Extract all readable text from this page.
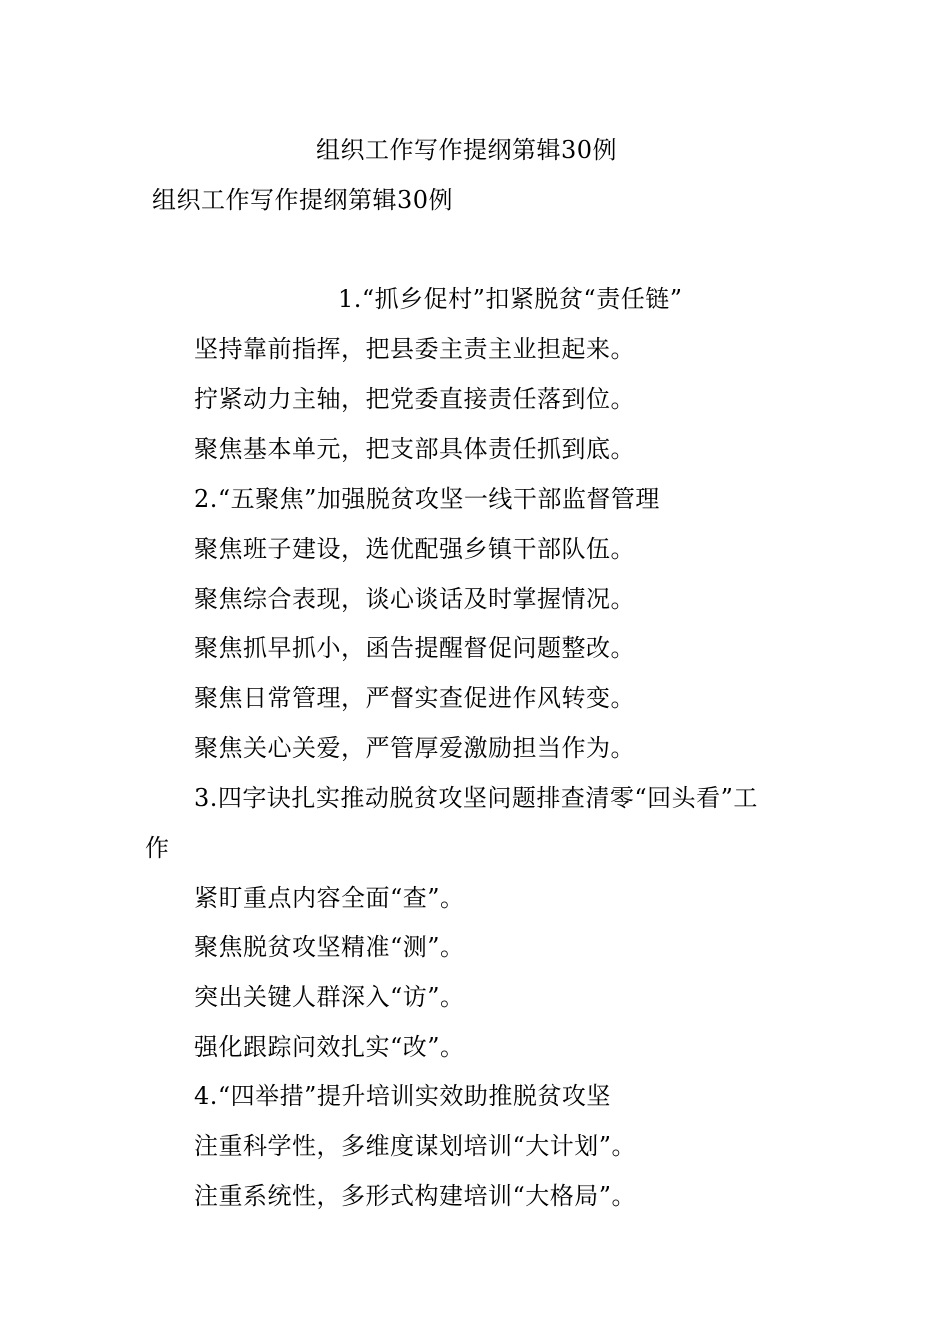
组织工作写作提纲第辑30例
组织工作写作提纲第辑30例
1.“抓乡促村”扣紧脱贫“责任链”
坚持靠前指挥，把县委主责主业担起来。
拧紧动力主轴，把党委直接责任落到位。
聚焦基本单元，把支部具体责任抓到底。
2.“五聚焦”加强脱贫攻坚一线干部监督管理
聚焦班子建设，选优配强乡镇干部队伍。
聚焦综合表现，谈心谈话及时掌握情况。
聚焦抓早抓小，函告提醒督促问题整改。
聚焦日常管理，严督实查促进作风转变。
聚焦关心关爱，严管厚爱激励担当作为。
3.四字诀扎实推动脱贫攻坚问题排查清零“回头看”工
作
紧盯重点内容全面“查”。
聚焦脱贫攻坚精准“测”。
突出关键人群深入“访”。
强化跟踪问效扎实“改”。
4.“四举措”提升培训实效助推脱贫攻坚
注重科学性，多维度谋划培训“大计划”。
注重系统性，多形式构建培训“大格局”。
